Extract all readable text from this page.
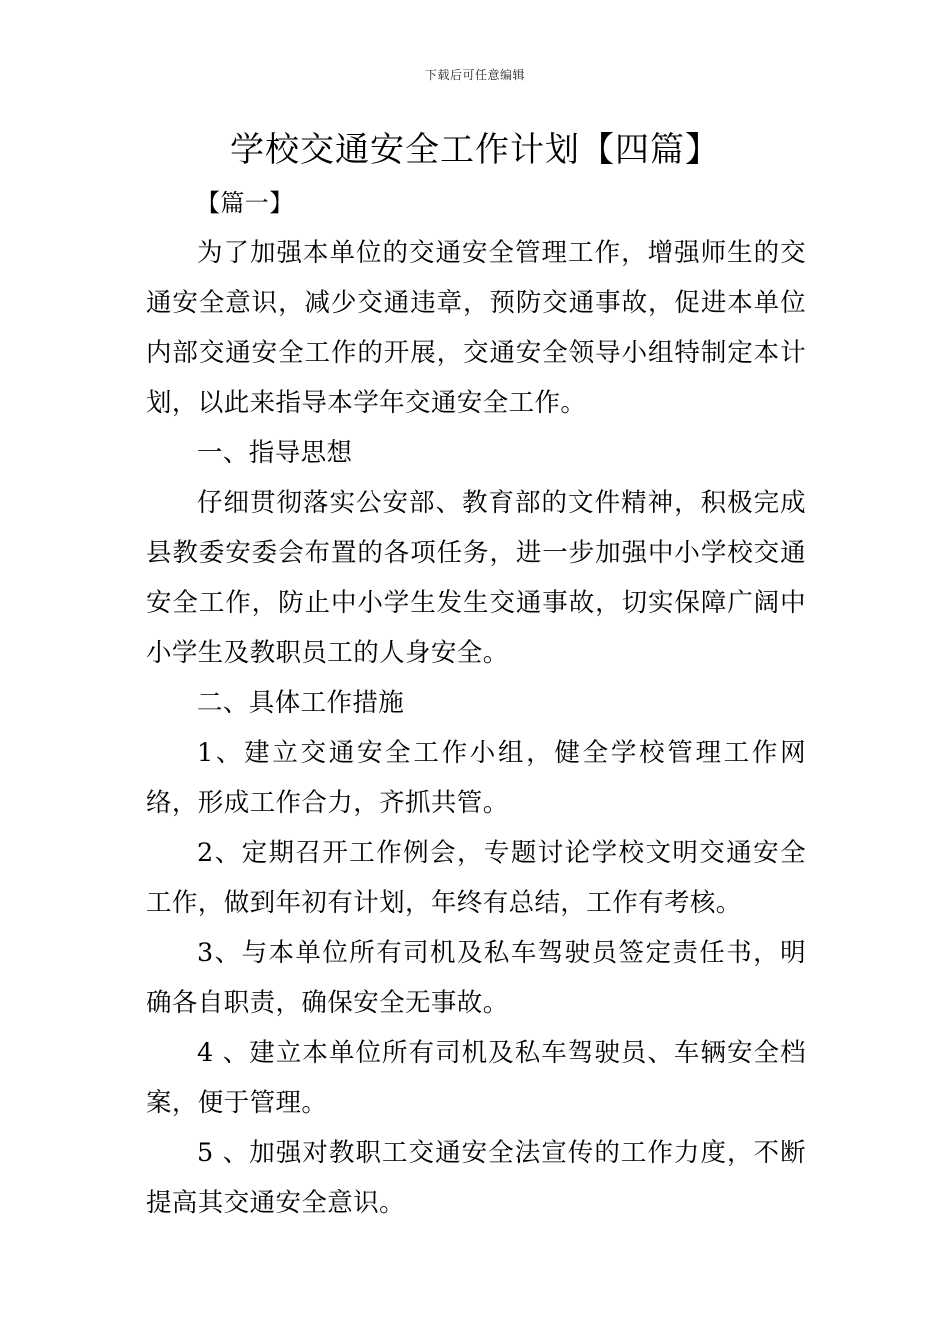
下载后可任意编辑
学校交通安全工作计划【四篇】

【篇一】

为了加强本单位的交通安全管理工作，增强师生的交通安全意识，减少交通违章，预防交通事故，促进本单位内部交通安全工作的开展，交通安全领导小组特制定本计划，以此来指导本学年交通安全工作。

一、指导思想

仔细贯彻落实公安部、教育部的文件精神，积极完成县教委安委会布置的各项任务，进一步加强中小学校交通安全工作，防止中小学生发生交通事故，切实保障广阔中小学生及教职员工的人身安全。

二、具体工作措施

1、建立交通安全工作小组，健全学校管理工作网络，形成工作合力，齐抓共管。

2、定期召开工作例会，专题讨论学校文明交通安全工作，做到年初有计划，年终有总结，工作有考核。

3、与本单位所有司机及私车驾驶员签定责任书，明确各自职责，确保安全无事故。

4 、建立本单位所有司机及私车驾驶员、车辆安全档案，便于管理。

5 、加强对教职工交通安全法宣传的工作力度，不断提高其交通安全意识。
